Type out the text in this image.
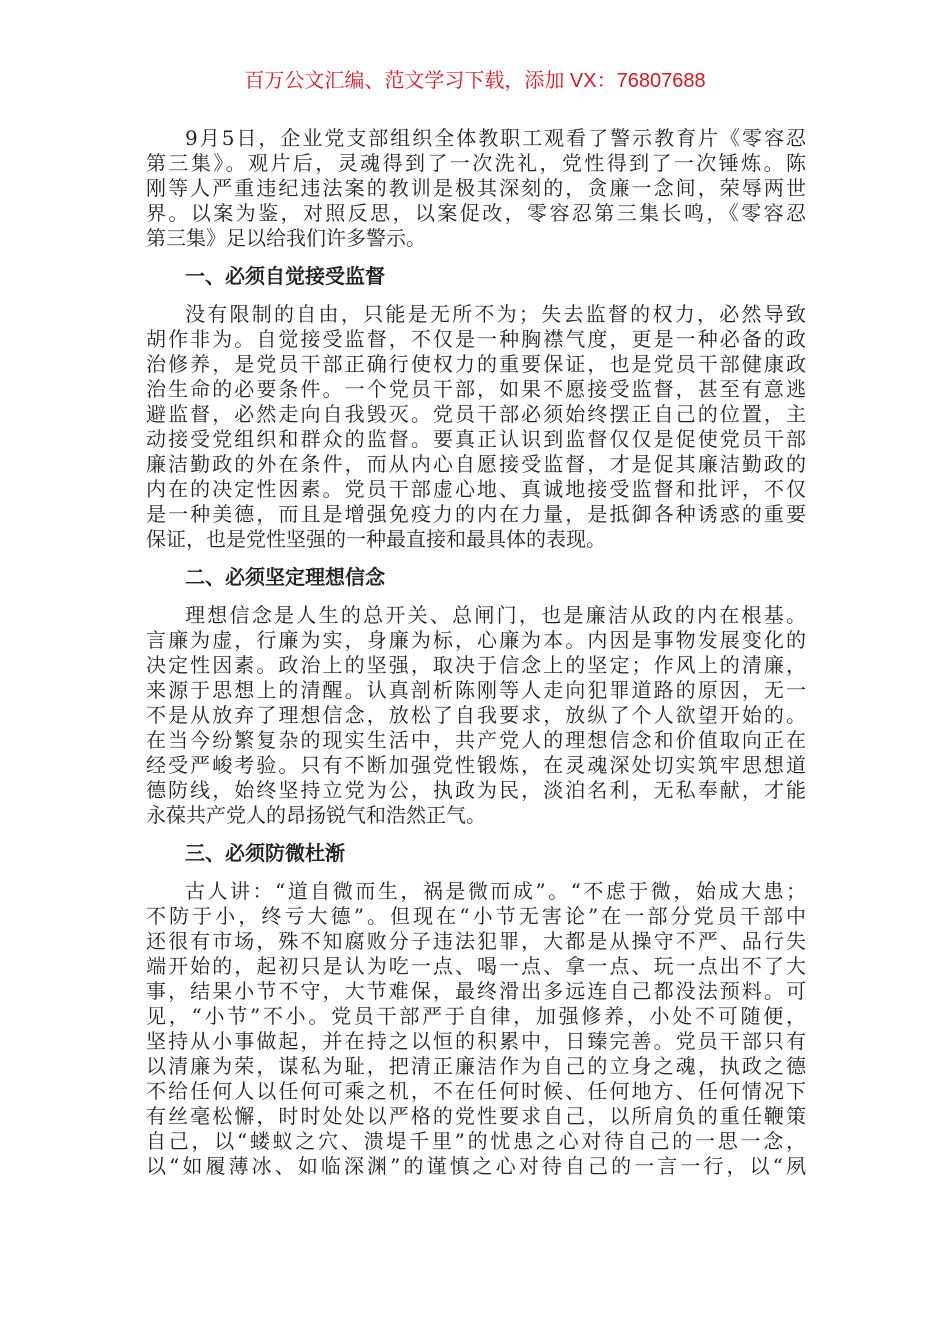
百万公文汇编、范文学习下载，添加 VX：76807688
9月5日，企业党支部组织全体教职工观看了警示教育片《零容忍
第三集》。观片后，灵魂得到了一次洗礼，党性得到了一次锤炼。陈
刚等人严重违纪违法案的教训是极其深刻的，贪廉一念间，荣辱两世
界。以案为鉴，对照反思，以案促改，零容忍第三集长鸣，《零容忍
第三集》足以给我们许多警示。
一、必须自觉接受监督
没有限制的自由，只能是无所不为；失去监督的权力，必然导致
胡作非为。自觉接受监督，不仅是一种胸襟气度，更是一种必备的政
治修养，是党员干部正确行使权力的重要保证，也是党员干部健康政
治生命的必要条件。一个党员干部，如果不愿接受监督，甚至有意逃
避监督，必然走向自我毁灭。党员干部必须始终摆正自己的位置，主
动接受党组织和群众的监督。要真正认识到监督仅仅是促使党员干部
廉洁勤政的外在条件，而从内心自愿接受监督，才是促其廉洁勤政的
内在的决定性因素。党员干部虚心地、真诚地接受监督和批评，不仅
是一种美德，而且是增强免疫力的内在力量，是抵御各种诱惑的重要
保证，也是党性坚强的一种最直接和最具体的表现。
二、必须坚定理想信念
理想信念是人生的总开关、总闸门，也是廉洁从政的内在根基。
言廉为虚，行廉为实，身廉为标，心廉为本。内因是事物发展变化的
决定性因素。政治上的坚强，取决于信念上的坚定；作风上的清廉，
来源于思想上的清醒。认真剖析陈刚等人走向犯罪道路的原因，无一
不是从放弃了理想信念，放松了自我要求，放纵了个人欲望开始的。
在当今纷繁复杂的现实生活中，共产党人的理想信念和价值取向正在
经受严峻考验。只有不断加强党性锻炼，在灵魂深处切实筑牢思想道
德防线，始终坚持立党为公，执政为民，淡泊名利，无私奉献，才能
永葆共产党人的昂扬锐气和浩然正气。
三、必须防微杜渐
古人讲：“道自微而生，祸是微而成”。“不虑于微，始成大患；
不防于小，终亏大德”。但现在“小节无害论”在一部分党员干部中
还很有市场，殊不知腐败分子违法犯罪，大都是从操守不严、品行失
端开始的，起初只是认为吃一点、喝一点、拿一点、玩一点出不了大
事，结果小节不守，大节难保，最终滑出多远连自己都没法预料。可
见，“小节”不小。党员干部严于自律，加强修养，小处不可随便，
坚持从小事做起，并在持之以恒的积累中，日臻完善。党员干部只有
以清廉为荣，谋私为耻，把清正廉洁作为自己的立身之魂，执政之德
不给任何人以任何可乘之机，不在任何时候、任何地方、任何情况下
有丝毫松懈，时时处处以严格的党性要求自己，以所肩负的重任鞭策
自己，以“蝼蚁之穴、溃堤千里”的忧患之心对待自己的一思一念，
以“如履薄冰、如临深渊”的谨慎之心对待自己的一言一行，以“夙
